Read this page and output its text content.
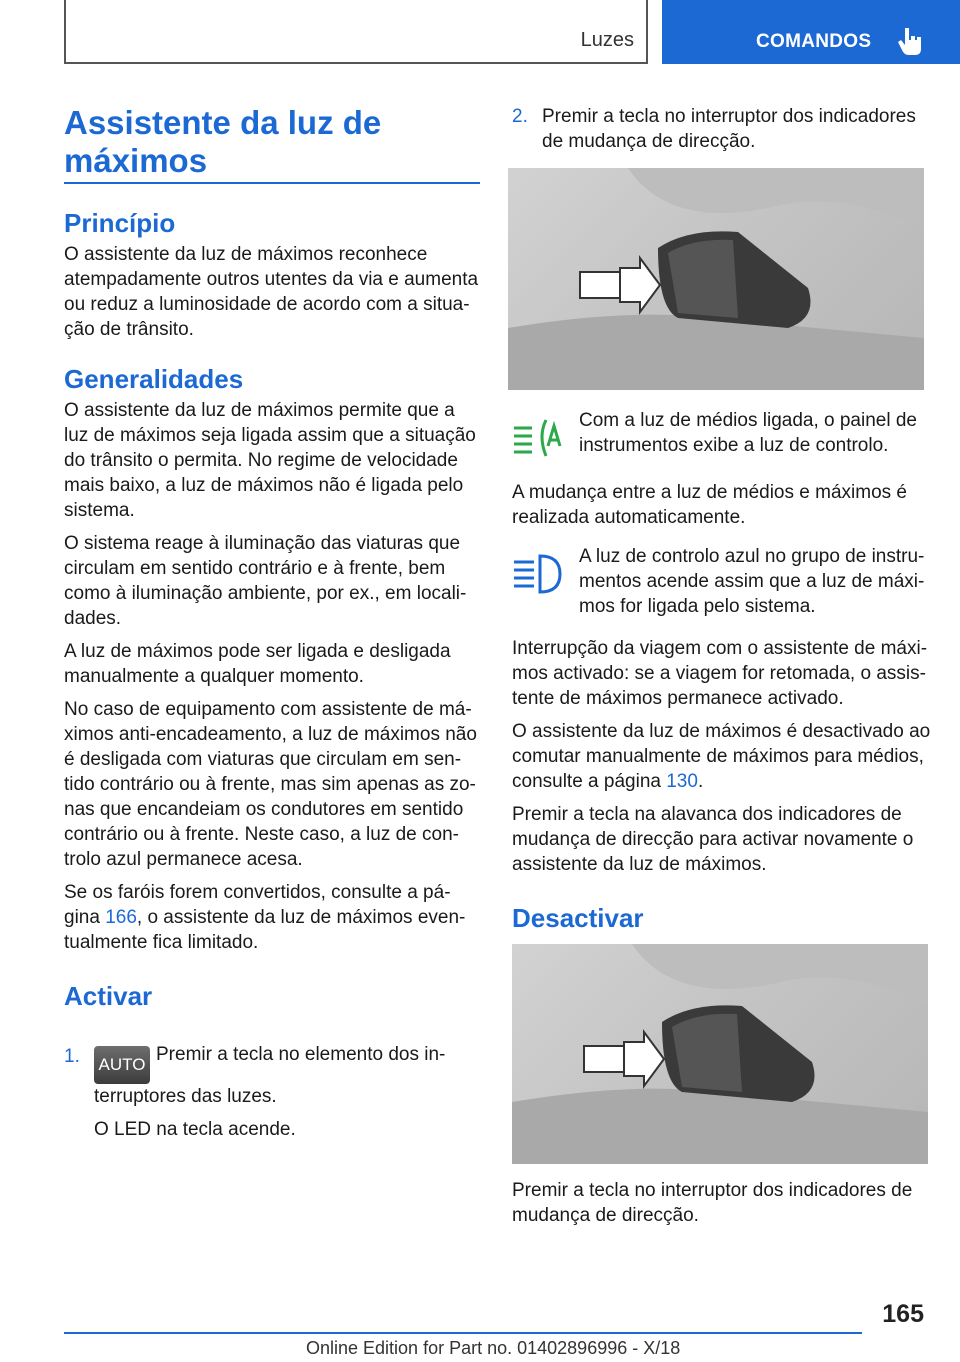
Luzes	COMANDOS
Assistente da luz de máximos
Princípio

O assistente da luz de máximos reconhece atempadamente outros utentes da via e aumenta ou reduz a luminosidade de acordo com a situa-ção de trânsito.

Generalidades

O assistente da luz de máximos permite que a luz de máximos seja ligada assim que a situação do trânsito o permita. No regime de velocidade mais baixo, a luz de máximos não é ligada pelo sistema.

O sistema reage à iluminação das viaturas que circulam em sentido contrário e à frente, bem como à iluminação ambiente, por ex., em locali-dades.

A luz de máximos pode ser ligada e desligada manualmente a qualquer momento.

No caso de equipamento com assistente de má-ximos anti-encadeamento, a luz de máximos não é desligada com viaturas que circulam em sen-tido contrário ou à frente, mas sim apenas as zo-nas que encandeiam os condutores em sentido contrário ou à frente. Neste caso, a luz de con-trolo azul permanece acesa.

Se os faróis forem convertidos, consulte a pá-gina 166, o assistente da luz de máximos even-tualmente fica limitado.

Activar
1. AUTO Premir a tecla no elemento dos in-terruptores das luzes.

O LED na tecla acende.

2. Premir a tecla no interruptor dos indicadores de mudança de direcção.

Com a luz de médios ligada, o painel de instrumentos exibe a luz de controlo.

A mudança entre a luz de médios e máximos é realizada automaticamente.

A luz de controlo azul no grupo de instru-mentos acende assim que a luz de máxi-mos for ligada pelo sistema.

Interrupção da viagem com o assistente de máxi-mos activado: se a viagem for retomada, o assis-tente de máximos permanece activado.

O assistente da luz de máximos é desactivado ao comutar manualmente de máximos para médios, consulte a página 130.

Premir a tecla na alavanca dos indicadores de mudança de direcção para activar novamente o assistente da luz de máximos.

Desactivar

Premir a tecla no interruptor dos indicadores de mudança de direcção.

165
Online Edition for Part no. 01402896996 - X/18
